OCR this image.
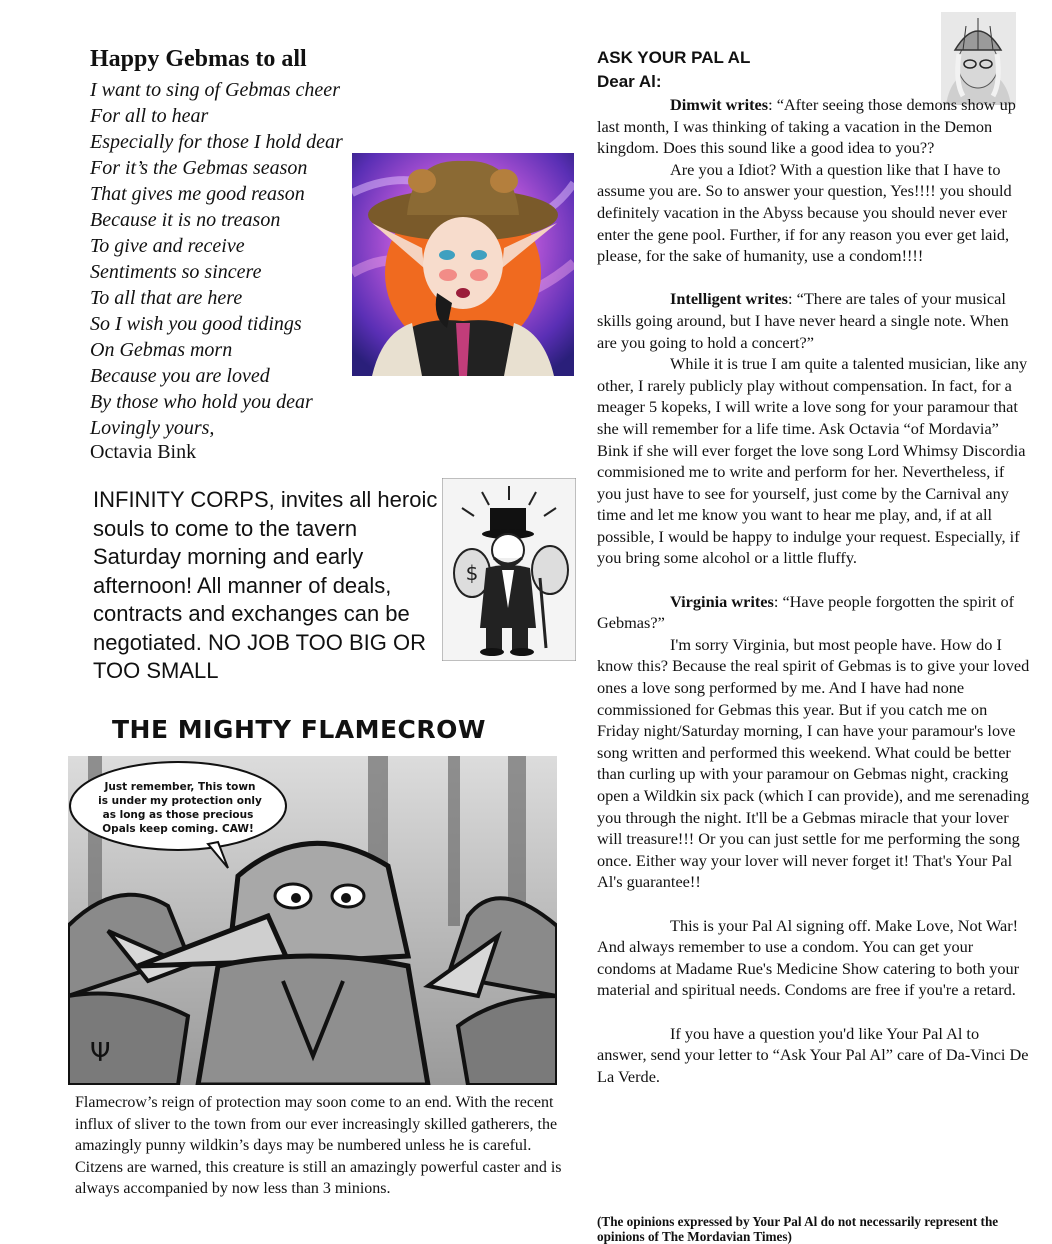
Happy Gebmas to all
I want to sing of Gebmas cheer
For all to hear
Especially for those I hold dear
For it’s the Gebmas season
That gives me good reason
Because it is no treason
To give and receive
Sentiments so sincere
To all that are here
So I wish you good tidings
On Gebmas morn
Because you are loved
By those who hold you dear
Lovingly yours,
Octavia Bink
INFINITY CORPS, invites all heroic souls to come to the tavern Saturday morning and early afternoon! All manner of deals, contracts and exchanges can be negotiated. NO JOB TOO BIG OR TOO SMALL
$
THE MIGHTY FLAMECROW
Ψ
Just remember, This town
is under my protection only
as long as those precious
Opals keep coming. CAW!
Flamecrow’s reign of protection may soon come to an end. With the recent influx of sliver to the town from our ever increasingly skilled gatherers, the amazingly punny wildkin’s days may be numbered unless he is careful.
Citzens are warned, this creature is still an amazingly powerful caster and is always accompanied by now less than 3 minions.
ASK YOUR PAL AL
Dear Al:

Dimwit writes: “After seeing those demons show up last month, I was thinking of taking a vacation in the Demon kingdom. Does this sound like a good idea to you??

Are you a Idiot? With a question like that I have to assume you are. So to answer your question, Yes!!!! you should definitely vacation in the Abyss because you should never ever enter the gene pool. Further, if for any reason you ever get laid, please, for the sake of humanity, use a condom!!!!

Intelligent writes: “There are tales of your musical skills going around, but I have never heard a single note. When are you going to hold a concert?”

While it is true I am quite a talented musician, like any other, I rarely publicly play without compensation. In fact, for a meager 5 kopeks, I will write a love song for your paramour that she will remember for a life time. Ask Octavia “of Mordavia” Bink if she will ever forget the love song Lord Whimsy Discordia commisioned me to write and perform for her. Nevertheless, if you just have to see for yourself, just come by the Carnival any time and let me know you want to hear me play, and, if at all possible, I would be happy to indulge your request. Especially, if you bring some alcohol or a little fluffy.

Virginia writes: “Have people forgotten the spirit of Gebmas?”

I'm sorry Virginia, but most people have. How do I know this? Because the real spirit of Gebmas is to give your loved ones a love song performed by me. And I have had none commissioned for Gebmas this year. But if you catch me on Friday night/Saturday morning, I can have your paramour's love song written and performed this weekend. What could be better than curling up with your paramour on Gebmas night, cracking open a Wildkin six pack (which I can provide), and me serenading you through the night. It'll be a Gebmas miracle that your lover will treasure!!! Or you can just settle for me performing the song once. Either way your lover will never forget it! That's Your Pal Al's guarantee!!

This is your Pal Al signing off. Make Love, Not War! And always remember to use a condom. You can get your condoms at Madame Rue's Medicine Show catering to both your material and spiritual needs. Condoms are free if you're a retard.

If you have a question you'd like Your Pal Al to answer, send your letter to “Ask Your Pal Al” care of Da-Vinci De La Verde.

(The opinions expressed by Your Pal Al do not necessarily represent the opinions of The Mordavian Times)
